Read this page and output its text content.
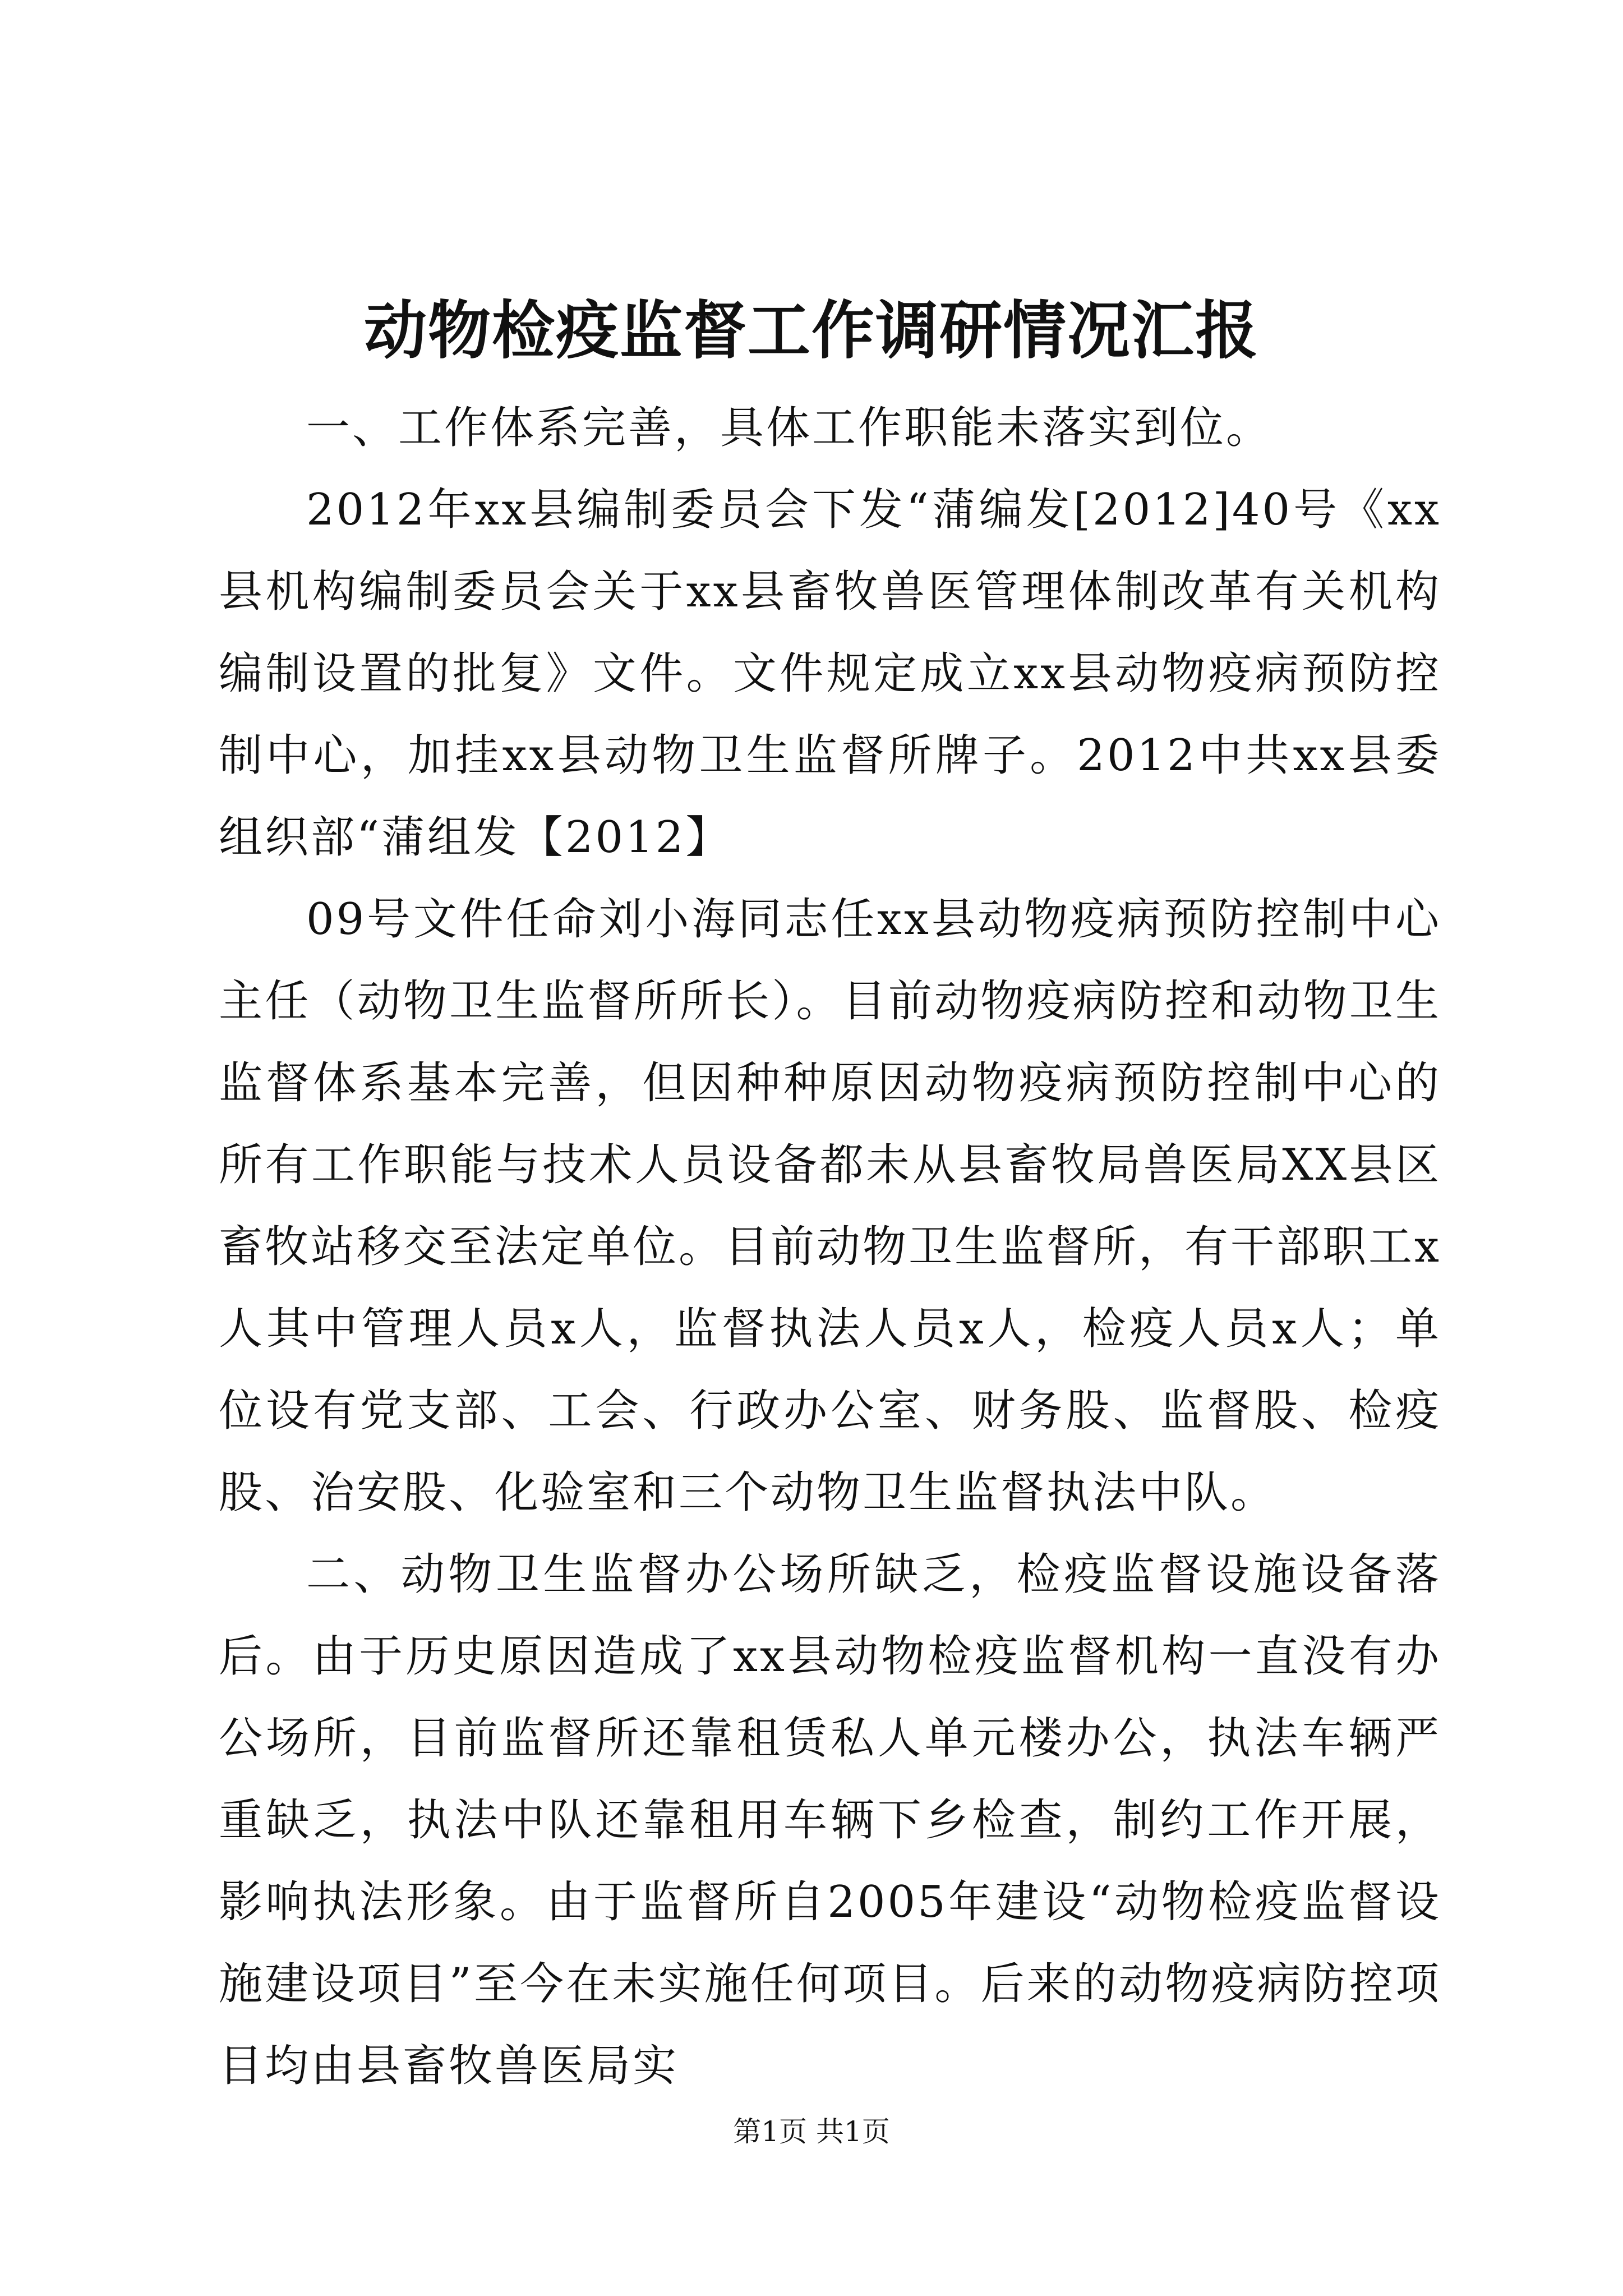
动物检疫监督工作调研情况汇报

一、工作体系完善，具体工作职能未落实到位。

2012年xx县编制委员会下发“蒲编发[2012]40号《xx县机构编制委员会关于xx县畜牧兽医管理体制改革有关机构编制设置的批复》文件。文件规定成立xx县动物疫病预防控制中心，加挂xx县动物卫生监督所牌子。2012中共xx县委组织部“蒲组发【2012】

09号文件任命刘小海同志任xx县动物疫病预防控制中心主任（动物卫生监督所所长）。目前动物疫病防控和动物卫生监督体系基本完善，但因种种原因动物疫病预防控制中心的所有工作职能与技术人员设备都未从县畜牧局兽医局XX县区畜牧站移交至法定单位。目前动物卫生监督所，有干部职工x人其中管理人员x人，监督执法人员x人，检疫人员x人；单位设有党支部、工会、行政办公室、财务股、监督股、检疫股、治安股、化验室和三个动物卫生监督执法中队。

二、动物卫生监督办公场所缺乏，检疫监督设施设备落后。由于历史原因造成了xx县动物检疫监督机构一直没有办公场所，目前监督所还靠租赁私人单元楼办公，执法车辆严重缺乏，执法中队还靠租用车辆下乡检查，制约工作开展，影响执法形象。由于监督所自2005年建设“动物检疫监督设施建设项目”至今在未实施任何项目。后来的动物疫病防控项目均由县畜牧兽医局实

第1页 共1页
